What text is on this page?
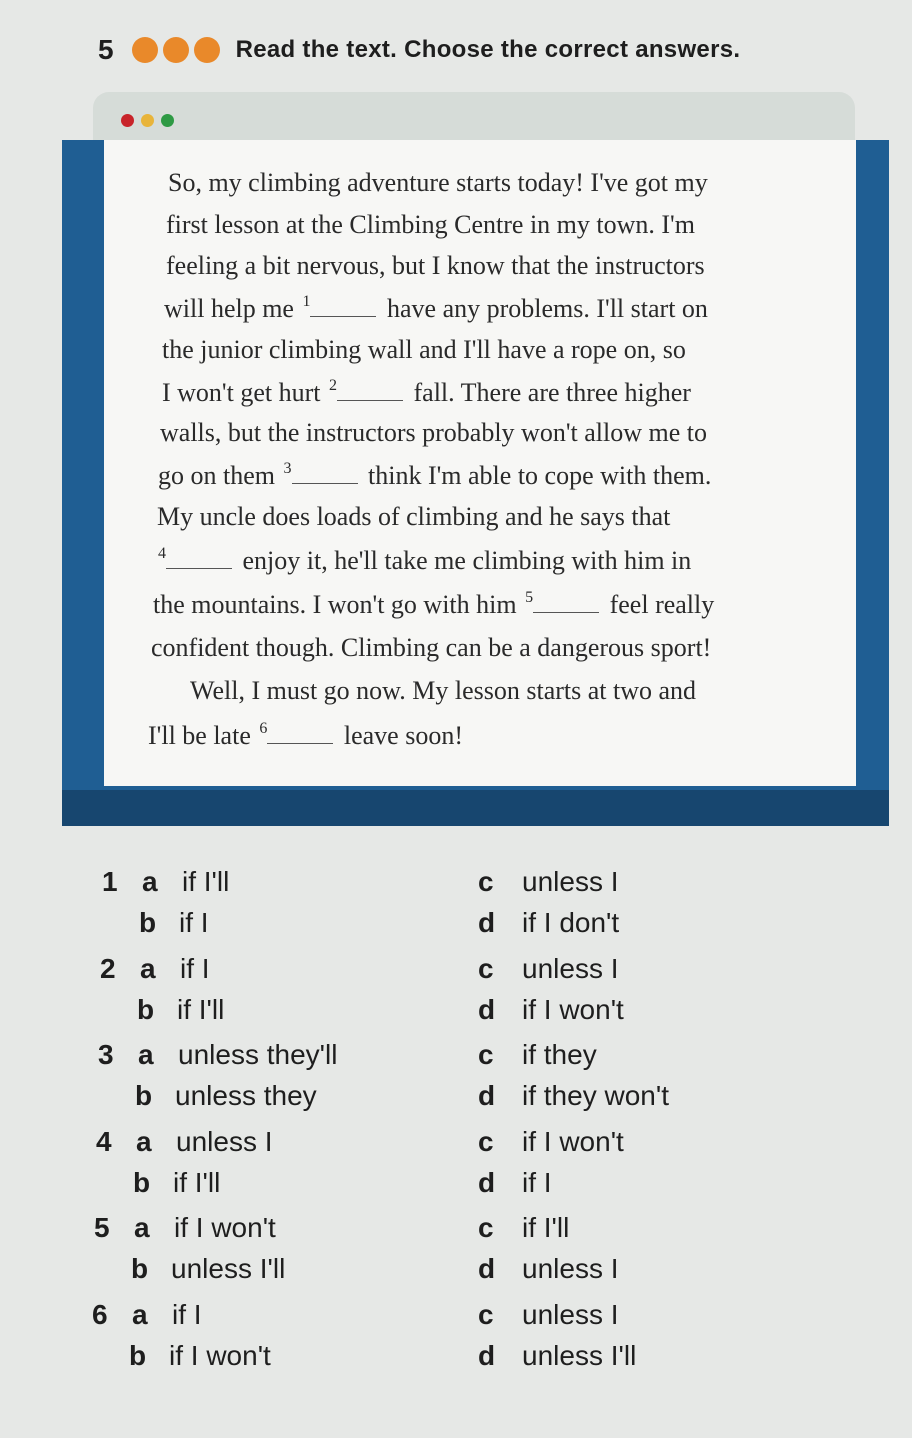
5	Read the text. Choose the correct answers.
So, my climbing adventure starts today! I've got my
first lesson at the Climbing Centre in my town. I'm
feeling a bit nervous, but I know that the instructors
will help me $^1$	have any problems. I'll start on
the junior climbing wall and I'll have a rope on, so
I won't get hurt $^2$	fall. There are three higher
walls, but the instructors probably won't allow me to
go on them $^3$	think I'm able to cope with them.
My uncle does loads of climbing and he says that
$^4$	enjoy it, he'll take me climbing with him in
the mountains. I won't go with him $^5$	feel really
confident though. Climbing can be a dangerous sport!
Well, I must go now. My lesson starts at two and
I'll be late $^6$	leave soon!
1 a if I'll	c unless I
b if I	d if I don't
2 a if I	c unless I
b if I'll	d if I won't
3 a unless they'll	c if they
b unless they	d if they won't
4 a unless I	c if I won't
b if I'll	d if I
5 a if I won't	c if I'll
b unless I'll	d unless I
6 a if I	c unless I
b if I won't	d unless I'll
